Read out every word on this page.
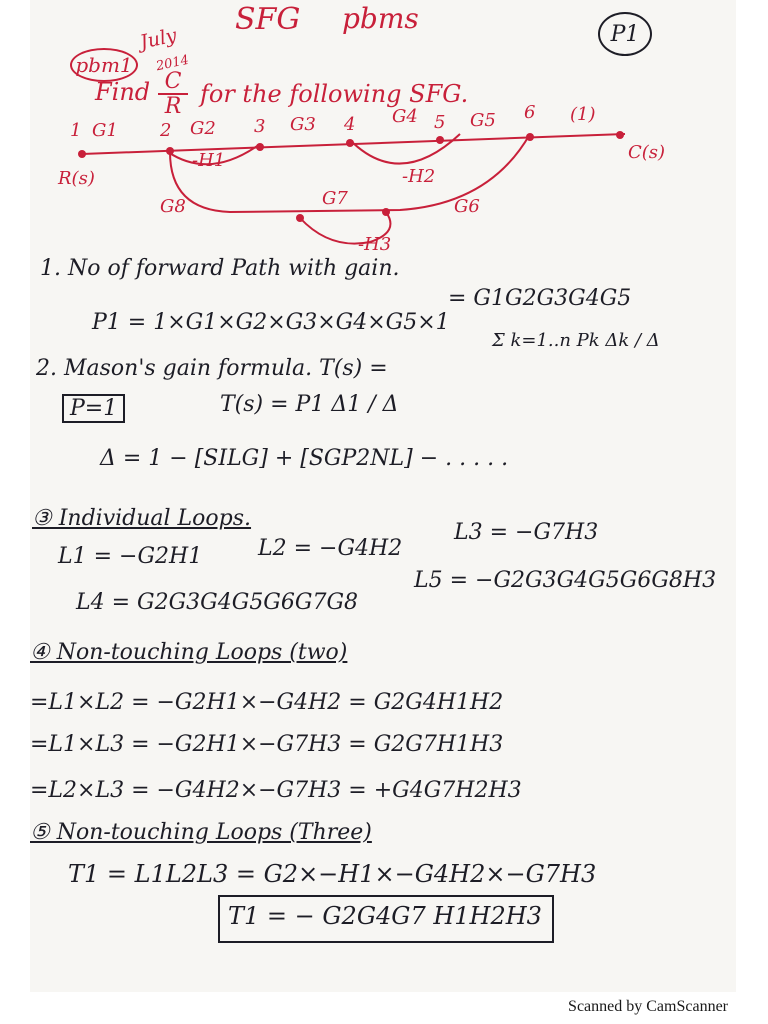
SFG pbms	P1
pbm1
July
2014
Find $\frac{C}{R}$ for the following SFG.
1 G1 2 G2 3 G3 4 G4 5 G5 6 (1)
-H1
-H2
G8	G7	G6
-H3
R(s)
C(s)
1. No of forward Path with gain.
= G1G2G3G4G5
P1 = 1×G1×G2×G3×G4×G5×1
2. Mason's gain formula. T(s) =
Σ k=1..n Pk Δk / Δ
P=1	T(s) = P1 Δ1 / Δ
Δ = 1 − [SILG] + [SGP2NL] − . . . . .
③ Individual Loops.
L1 = −G2H1	L2 = −G4H2
L3 = −G7H3
L4 = G2G3G4G5G6G7G8
L5 = −G2G3G4G5G6G8H3
④ Non-touching Loops (two)
=L1×L2 = −G2H1×−G4H2 = G2G4H1H2
=L1×L3 = −G2H1×−G7H3 = G2G7H1H3
=L2×L3 = −G4H2×−G7H3 = +G4G7H2H3
⑤ Non-touching Loops (Three)
T1 = L1L2L3 = G2×−H1×−G4H2×−G7H3
T1 = − G2G4G7 H1H2H3
Scanned by CamScanner
